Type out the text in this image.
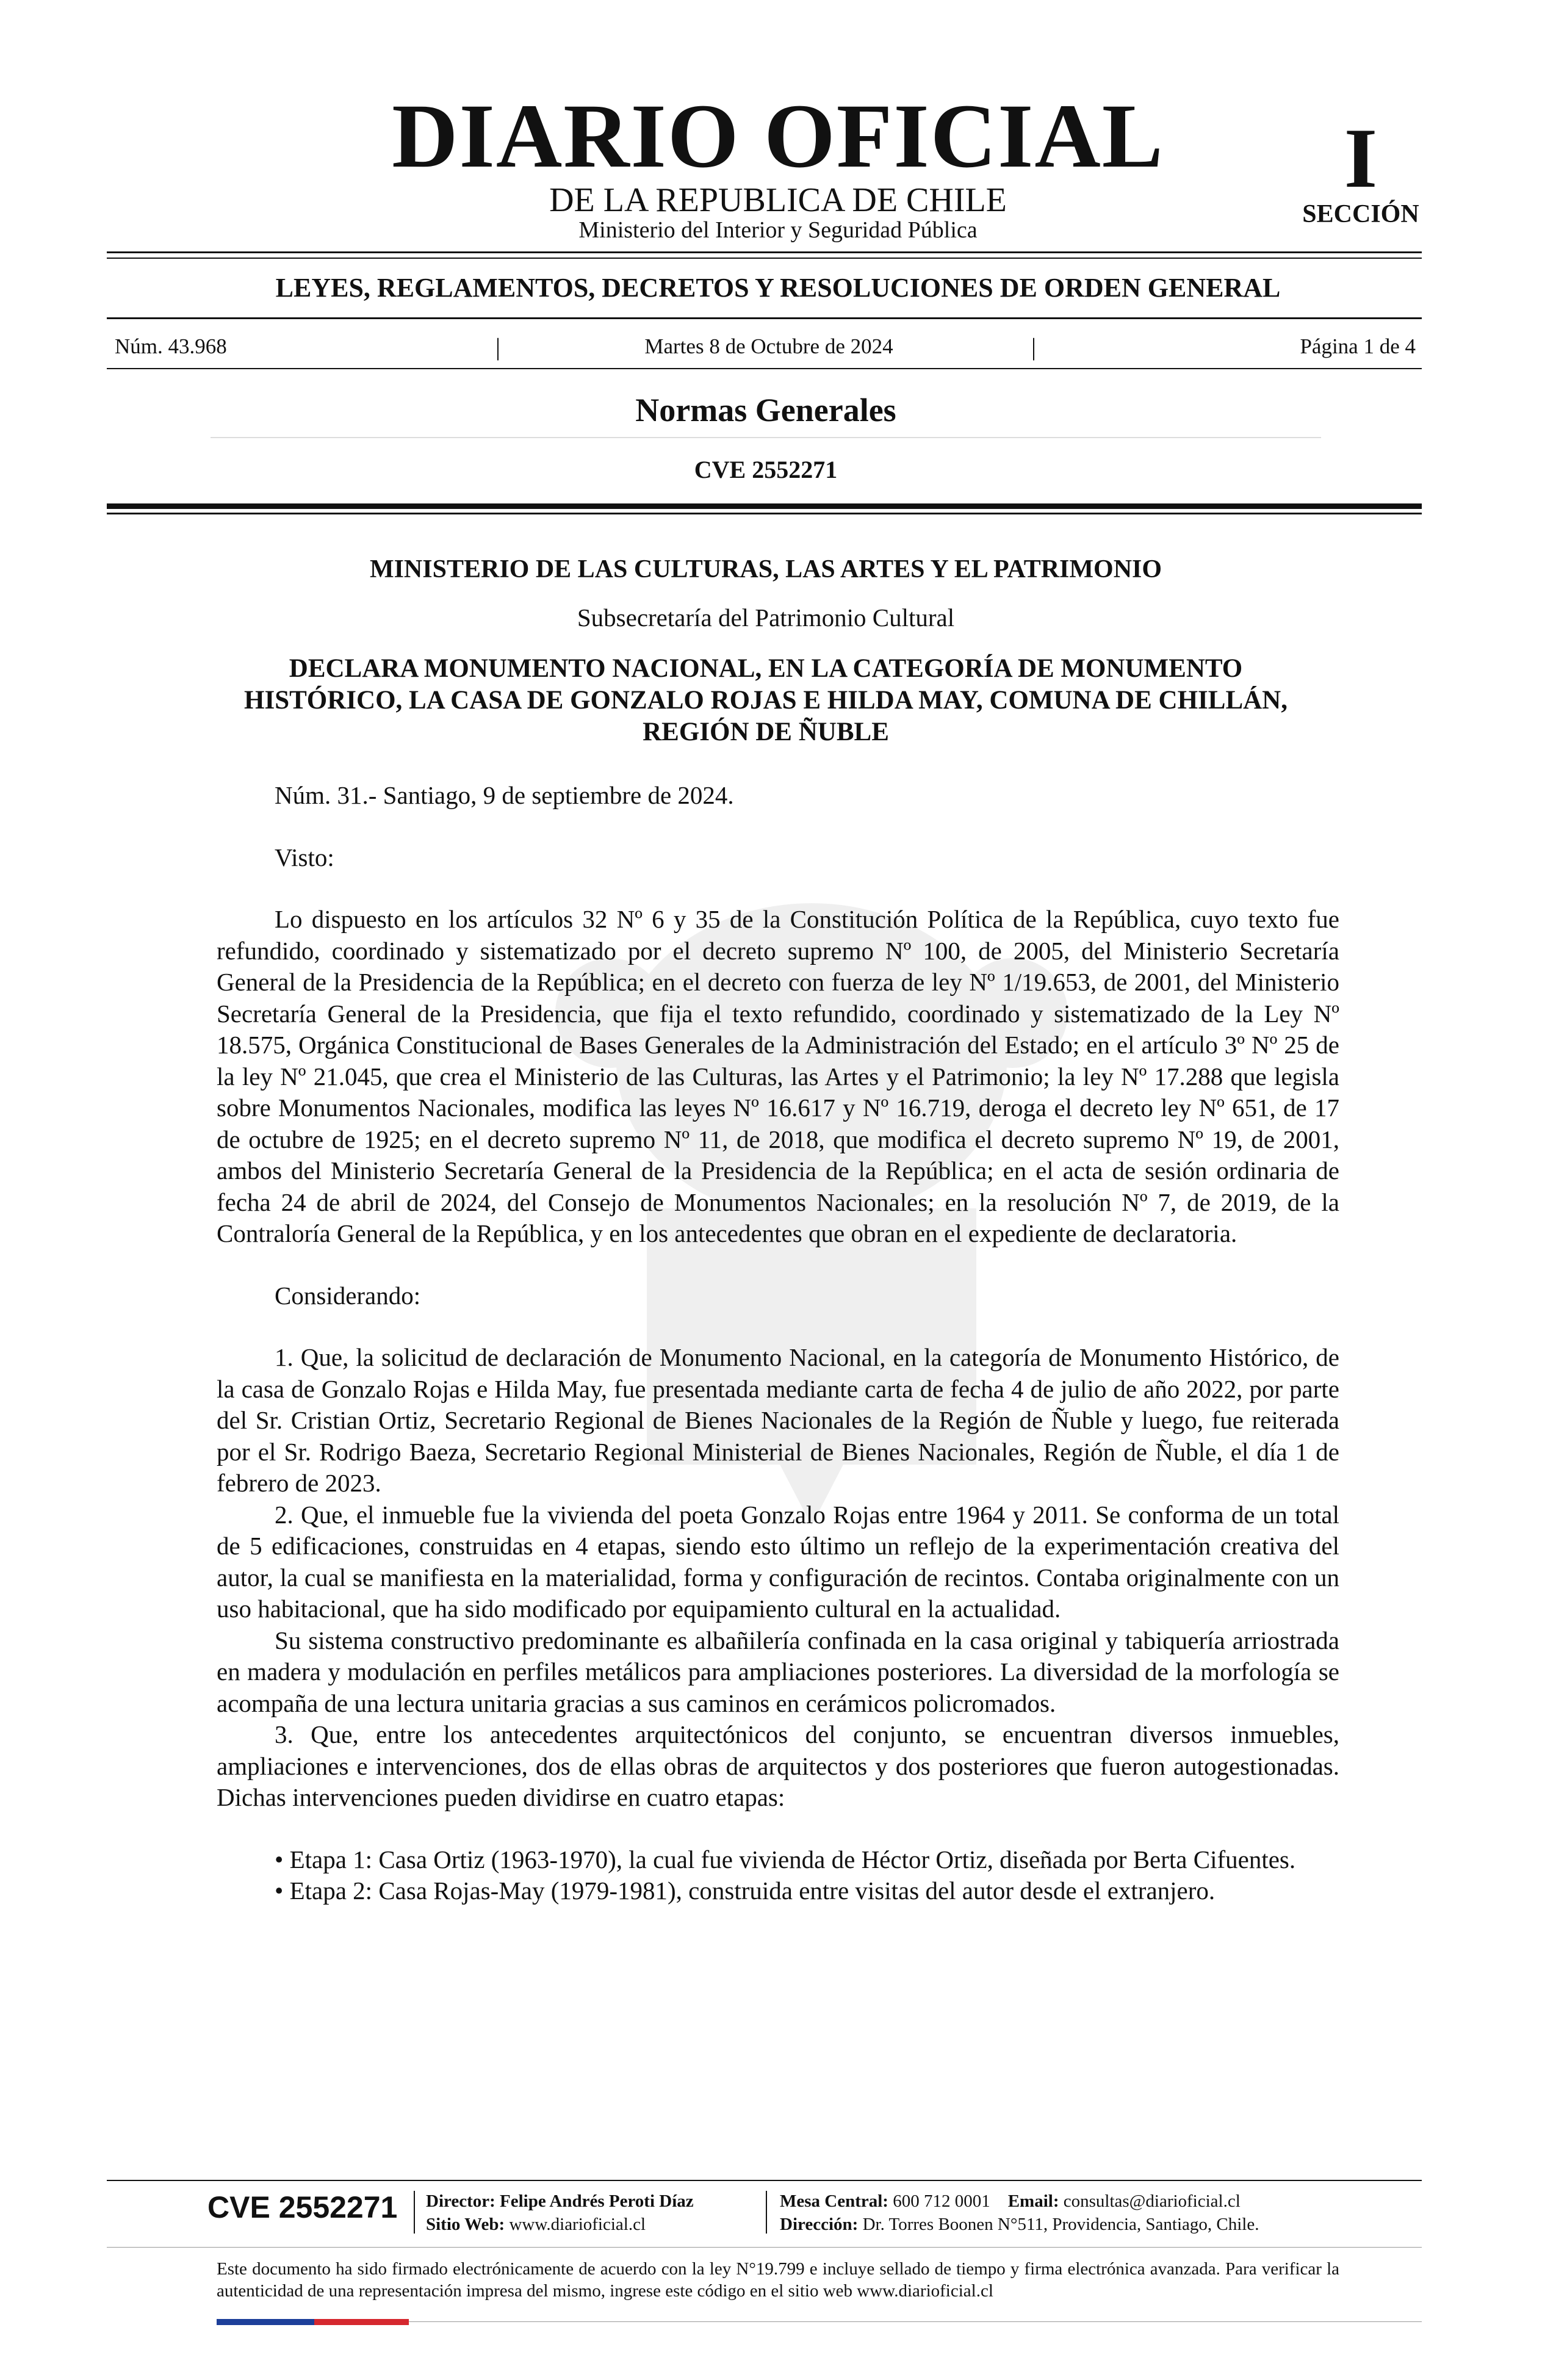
DIARIO OFICIAL
DE LA REPUBLICA DE CHILE
Ministerio del Interior y Seguridad Pública
I
SECCIÓN
LEYES, REGLAMENTOS, DECRETOS Y RESOLUCIONES DE ORDEN GENERAL
Núm. 43.968	|	Martes 8 de Octubre de 2024	|	Página 1 de 4
Normas Generales
CVE 2552271
MINISTERIO DE LAS CULTURAS, LAS ARTES Y EL PATRIMONIO
Subsecretaría del Patrimonio Cultural
DECLARA MONUMENTO NACIONAL, EN LA CATEGORÍA DE MONUMENTO HISTÓRICO, LA CASA DE GONZALO ROJAS E HILDA MAY, COMUNA DE CHILLÁN, REGIÓN DE ÑUBLE

Núm. 31.- Santiago, 9 de septiembre de 2024.

Visto:

Lo dispuesto en los artículos 32 Nº 6 y 35 de la Constitución Política de la República, cuyo texto fue refundido, coordinado y sistematizado por el decreto supremo Nº 100, de 2005, del Ministerio Secretaría General de la Presidencia de la República; en el decreto con fuerza de ley Nº 1/19.653, de 2001, del Ministerio Secretaría General de la Presidencia, que fija el texto refundido, coordinado y sistematizado de la Ley Nº 18.575, Orgánica Constitucional de Bases Generales de la Administración del Estado; en el artículo 3º Nº 25 de la ley Nº 21.045, que crea el Ministerio de las Culturas, las Artes y el Patrimonio; la ley Nº 17.288 que legisla sobre Monumentos Nacionales, modifica las leyes Nº 16.617 y Nº 16.719, deroga el decreto ley Nº 651, de 17 de octubre de 1925; en el decreto supremo Nº 11, de 2018, que modifica el decreto supremo Nº 19, de 2001, ambos del Ministerio Secretaría General de la Presidencia de la República; en el acta de sesión ordinaria de fecha 24 de abril de 2024, del Consejo de Monumentos Nacionales; en la resolución Nº 7, de 2019, de la Contraloría General de la República, y en los antecedentes que obran en el expediente de declaratoria.

Considerando:

1. Que, la solicitud de declaración de Monumento Nacional, en la categoría de Monumento Histórico, de la casa de Gonzalo Rojas e Hilda May, fue presentada mediante carta de fecha 4 de julio de año 2022, por parte del Sr. Cristian Ortiz, Secretario Regional de Bienes Nacionales de la Región de Ñuble y luego, fue reiterada por el Sr. Rodrigo Baeza, Secretario Regional Ministerial de Bienes Nacionales, Región de Ñuble, el día 1 de febrero de 2023.

2. Que, el inmueble fue la vivienda del poeta Gonzalo Rojas entre 1964 y 2011. Se conforma de un total de 5 edificaciones, construidas en 4 etapas, siendo esto último un reflejo de la experimentación creativa del autor, la cual se manifiesta en la materialidad, forma y configuración de recintos. Contaba originalmente con un uso habitacional, que ha sido modificado por equipamiento cultural en la actualidad.

Su sistema constructivo predominante es albañilería confinada en la casa original y tabiquería arriostrada en madera y modulación en perfiles metálicos para ampliaciones posteriores. La diversidad de la morfología se acompaña de una lectura unitaria gracias a sus caminos en cerámicos policromados.

3. Que, entre los antecedentes arquitectónicos del conjunto, se encuentran diversos inmuebles, ampliaciones e intervenciones, dos de ellas obras de arquitectos y dos posteriores que fueron autogestionadas. Dichas intervenciones pueden dividirse en cuatro etapas:

• Etapa 1: Casa Ortiz (1963-1970), la cual fue vivienda de Héctor Ortiz, diseñada por Berta Cifuentes.

• Etapa 2: Casa Rojas-May (1979-1981), construida entre visitas del autor desde el extranjero.

CVE 2552271 Director: Felipe Andrés Peroti Díaz
Sitio Web: www.diarioficial.cl
Mesa Central: 600 712 0001 Email: consultas@diarioficial.cl
Dirección: Dr. Torres Boonen N°511, Providencia, Santiago, Chile.
Este documento ha sido firmado electrónicamente de acuerdo con la ley N°19.799 e incluye sellado de tiempo y firma electrónica avanzada. Para verificar la autenticidad de una representación impresa del mismo, ingrese este código en el sitio web www.diarioficial.cl
